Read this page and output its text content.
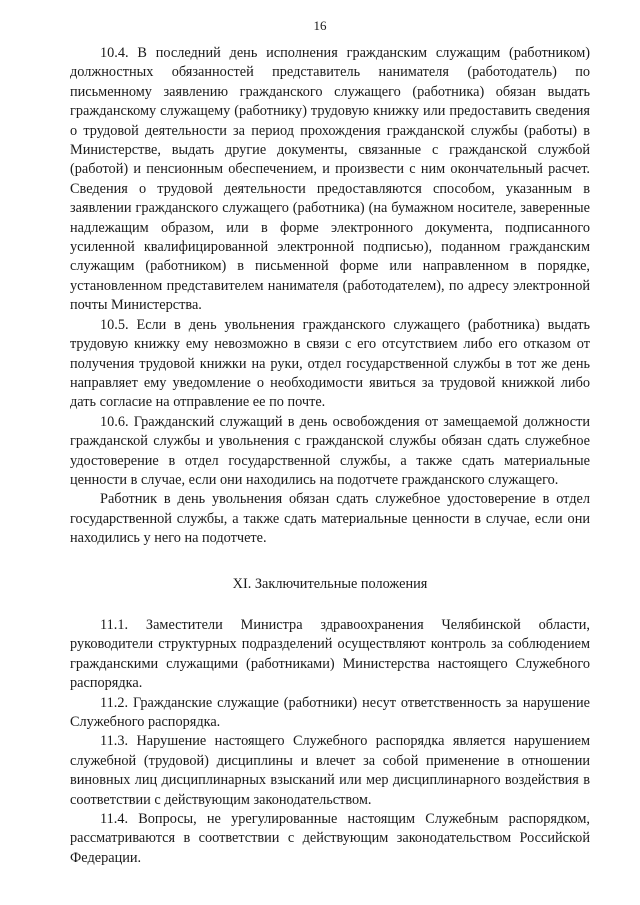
16

10.4. В последний день исполнения гражданским служащим (работником) должностных обязанностей представитель нанимателя (работодатель) по письменному заявлению гражданского служащего (работника) обязан выдать гражданскому служащему (работнику) трудовую книжку или предоставить сведения о трудовой деятельности за период прохождения гражданской службы (работы) в Министерстве, выдать другие документы, связанные с гражданской службой (работой) и пенсионным обеспечением, и произвести с ним окончательный расчет. Сведения о трудовой деятельности предоставляются способом, указанным в заявлении гражданского служащего (работника) (на бумажном носителе, заверенные надлежащим образом, или в форме электронного документа, подписанного усиленной квалифицированной электронной подписью), поданном гражданским служащим (работником) в письменной форме или направленном в порядке, установленном представителем нанимателя (работодателем), по адресу электронной почты Министерства.

10.5. Если в день увольнения гражданского служащего (работника) выдать трудовую книжку ему невозможно в связи с его отсутствием либо его отказом от получения трудовой книжки на руки, отдел государственной службы в тот же день направляет ему уведомление о необходимости явиться за трудовой книжкой либо дать согласие на отправление ее по почте.

10.6. Гражданский служащий в день освобождения от замещаемой должности гражданской службы и увольнения с гражданской службы обязан сдать служебное удостоверение в отдел государственной службы, а также сдать материальные ценности в случае, если они находились на подотчете гражданского служащего.

Работник в день увольнения обязан сдать служебное удостоверение в отдел государственной службы, а также сдать материальные ценности в случае, если они находились у него на подотчете.

XI. Заключительные положения

11.1. Заместители Министра здравоохранения Челябинской области, руководители структурных подразделений осуществляют контроль за соблюдением гражданскими служащими (работниками) Министерства настоящего Служебного распорядка.

11.2. Гражданские служащие (работники) несут ответственность за нарушение Служебного распорядка.

11.3. Нарушение настоящего Служебного распорядка является нарушением служебной (трудовой) дисциплины и влечет за собой применение в отношении виновных лиц дисциплинарных взысканий или мер дисциплинарного воздействия в соответствии с действующим законодательством.

11.4. Вопросы, не урегулированные настоящим Служебным распорядком, рассматриваются в соответствии с действующим законодательством Российской Федерации.
